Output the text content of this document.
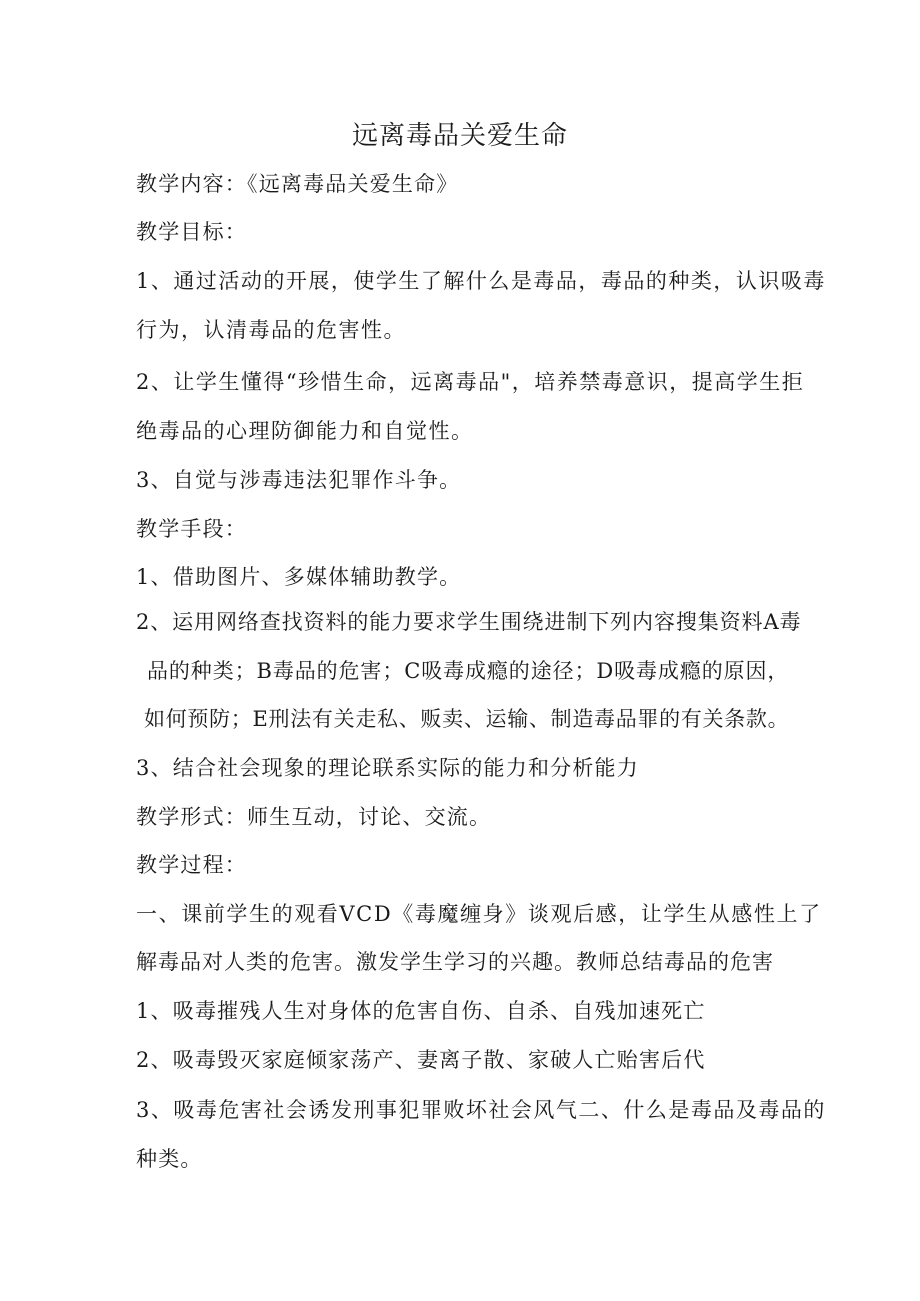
远离毒品关爱生命
教学内容：《远离毒品关爱生命》
教学目标：
1、通过活动的开展，使学生了解什么是毒品，毒品的种类，认识吸毒
行为，认清毒品的危害性。
2、让学生懂得“珍惜生命，远离毒品"，培养禁毒意识，提高学生拒
绝毒品的心理防御能力和自觉性。
3、自觉与涉毒违法犯罪作斗争。
教学手段：
1、借助图片、多媒体辅助教学。
2、运用网络查找资料的能力要求学生围绕进制下列内容搜集资料A毒
品的种类；B毒品的危害；C吸毒成瘾的途径；D吸毒成瘾的原因，
如何预防；E刑法有关走私、贩卖、运输、制造毒品罪的有关条款。
3、结合社会现象的理论联系实际的能力和分析能力
教学形式：师生互动，讨论、交流。
教学过程：
一、课前学生的观看VCD《毒魔缠身》谈观后感，让学生从感性上了
解毒品对人类的危害。激发学生学习的兴趣。教师总结毒品的危害
1、吸毒摧残人生对身体的危害自伤、自杀、自残加速死亡
2、吸毒毁灭家庭倾家荡产、妻离子散、家破人亡贻害后代
3、吸毒危害社会诱发刑事犯罪败坏社会风气二、什么是毒品及毒品的
种类。
